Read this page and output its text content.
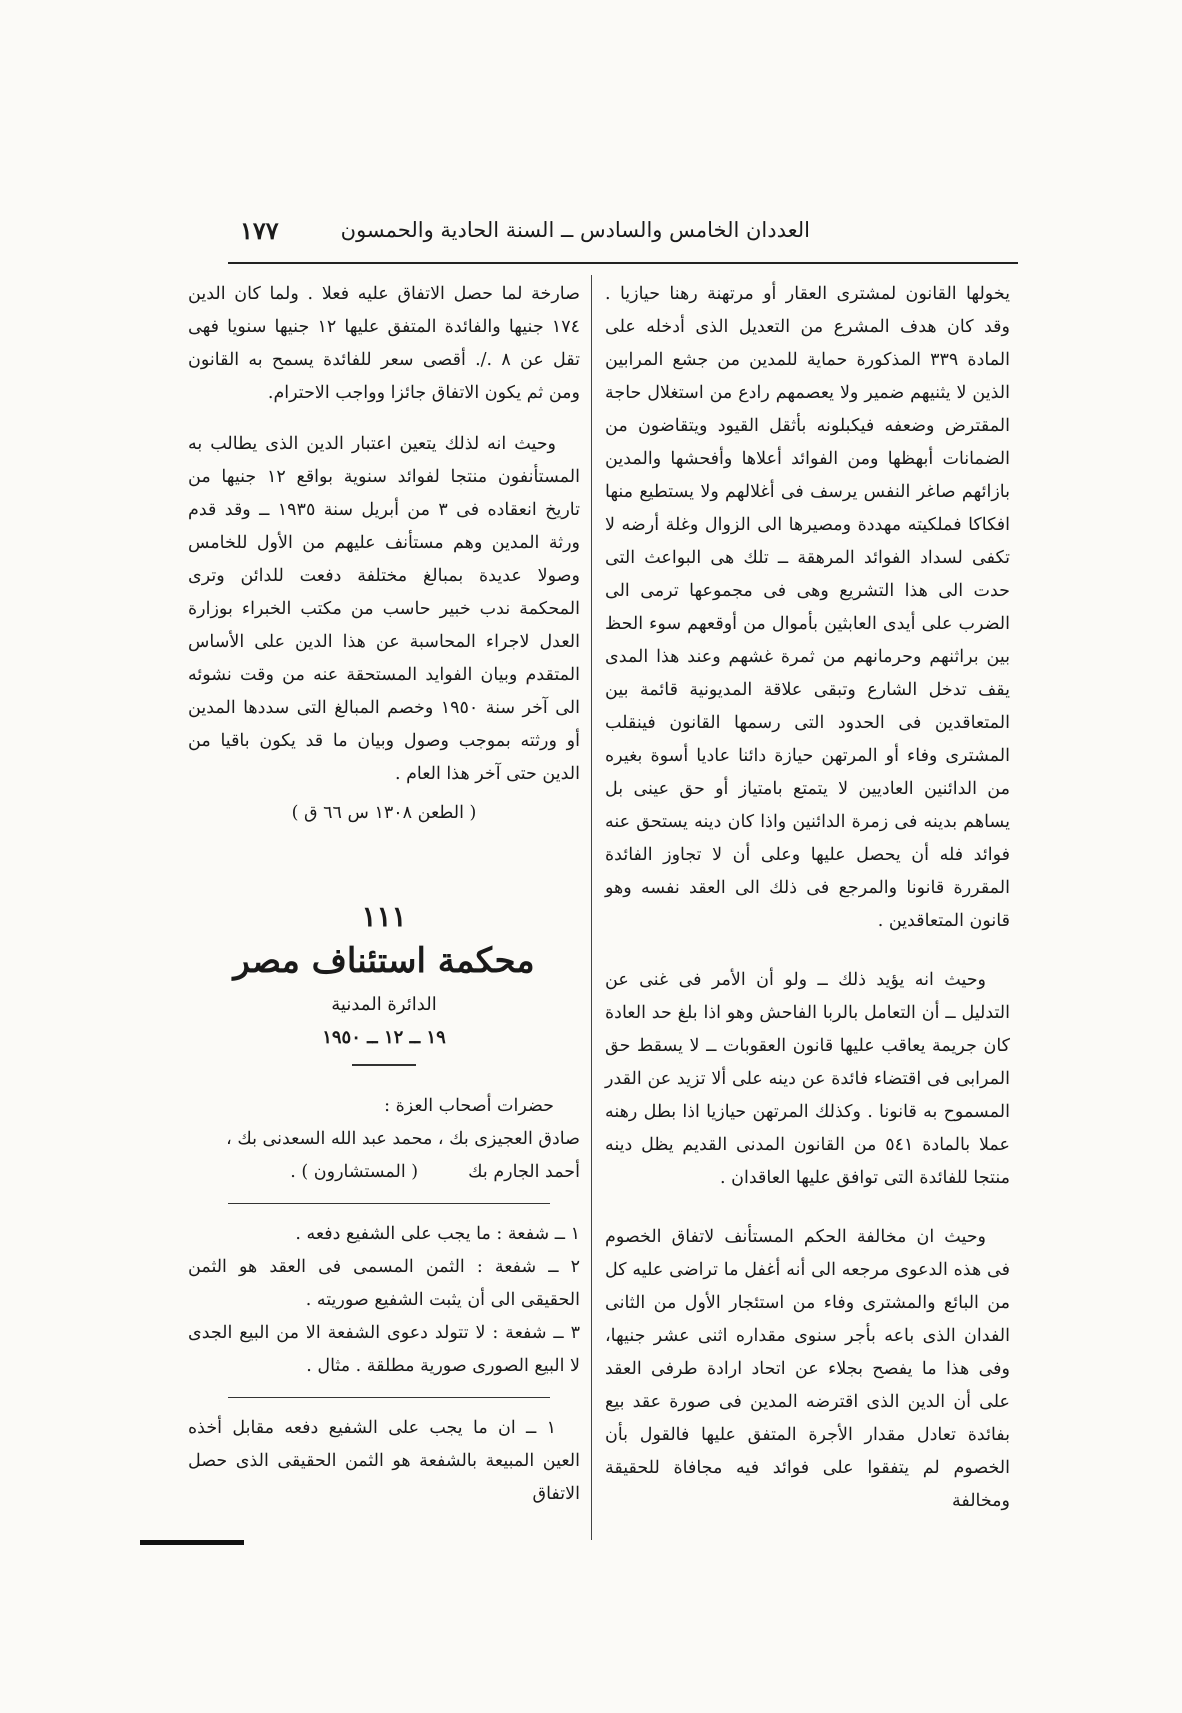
العددان الخامس والسادس ــ السنة الحادية والحمسون
١٧٧

يخولها القانون لمشترى العقار أو مرتهنة رهنا حيازيا . وقد كان هدف المشرع من التعديل الذى أدخله على المادة ٣٣٩ المذكورة حماية للمدين من جشع المرابين الذين لا يثنيهم ضمير ولا يعصمهم رادع من استغلال حاجة المقترض وضعفه فيكبلونه بأثقل القيود ويتقاضون من الضمانات أبهظها ومن الفوائد أعلاها وأفحشها والمدين بازائهم صاغر النفس يرسف فى أغلالهم ولا يستطيع منها افكاكا فملكيته مهددة ومصيرها الى الزوال وغلة أرضه لا تكفى لسداد الفوائد المرهقة ــ تلك هى البواعث التى حدت الى هذا التشريع وهى فى مجموعها ترمى الى الضرب على أيدى العابثين بأموال من أوقعهم سوء الحظ بين براثنهم وحرمانهم من ثمرة غشهم وعند هذا المدى يقف تدخل الشارع وتبقى علاقة المديونية قائمة بين المتعاقدين فى الحدود التى رسمها القانون فينقلب المشترى وفاء أو المرتهن حيازة دائنا عاديا أسوة بغيره من الدائنين العاديين لا يتمتع بامتياز أو حق عينى بل يساهم بدينه فى زمرة الدائنين واذا كان دينه يستحق عنه فوائد فله أن يحصل عليها وعلى أن لا تجاوز الفائدة المقررة قانونا والمرجع فى ذلك الى العقد نفسه وهو قانون المتعاقدين .

وحيث انه يؤيد ذلك ــ ولو أن الأمر فى غنى عن التدليل ــ أن التعامل بالربا الفاحش وهو اذا بلغ حد العادة كان جريمة يعاقب عليها قانون العقوبات ــ لا يسقط حق المرابى فى اقتضاء فائدة عن دينه على ألا تزيد عن القدر المسموح به قانونا . وكذلك المرتهن حيازيا اذا بطل رهنه عملا بالمادة ٥٤١ من القانون المدنى القديم يظل دينه منتجا للفائدة التى توافق عليها العاقدان .

وحيث ان مخالفة الحكم المستأنف لاتفاق الخصوم فى هذه الدعوى مرجعه الى أنه أغفل ما تراضى عليه كل من البائع والمشترى وفاء من استئجار الأول من الثانى الفدان الذى باعه بأجر سنوى مقداره اثنى عشر جنيها، وفى هذا ما يفصح بجلاء عن اتحاد ارادة طرفى العقد على أن الدين الذى اقترضه المدين فى صورة عقد بيع بفائدة تعادل مقدار الأجرة المتفق عليها فالقول بأن الخصوم لم يتفقوا على فوائد فيه مجافاة للحقيقة ومخالفة

صارخة لما حصل الاتفاق عليه فعلا . ولما كان الدين ١٧٤ جنيها والفائدة المتفق عليها ١٢ جنيها سنويا فهى تقل عن ٨ ./. أقصى سعر للفائدة يسمح به القانون ومن ثم يكون الاتفاق جائزا وواجب الاحترام.

وحيث انه لذلك يتعين اعتبار الدين الذى يطالب به المستأنفون منتجا لفوائد سنوية بواقع ١٢ جنيها من تاريخ انعقاده فى ٣ من أبريل سنة ١٩٣٥ ــ وقد قدم ورثة المدين وهم مستأنف عليهم من الأول للخامس وصولا عديدة بمبالغ مختلفة دفعت للدائن وترى المحكمة ندب خبير حاسب من مكتب الخبراء بوزارة العدل لاجراء المحاسبة عن هذا الدين على الأساس المتقدم وبيان الفوايد المستحقة عنه من وقت نشوئه الى آخر سنة ١٩٥٠ وخصم المبالغ التى سددها المدين أو ورثته بموجب وصول وبيان ما قد يكون باقيا من الدين حتى آخر هذا العام .

( الطعن ١٣٠٨ س ٦٦ ق )
١١١
محكمة استئناف مصر
الدائرة المدنية
١٩ ــ ١٢ ــ ١٩٥٠

حضرات أصحاب العزة :

صادق العجيزى بك ، محمد عبد الله السعدنى بك ،

أحمد الجارم بك         ( المستشارون ) .

١ ــ شفعة : ما يجب على الشفيع دفعه .

٢ ــ شفعة : الثمن المسمى فى العقد هو الثمن الحقيقى الى أن يثبت الشفيع صوريته .

٣ ــ شفعة : لا تتولد دعوى الشفعة الا من البيع الجدى لا البيع الصورى صورية مطلقة . مثال .

١ ــ ان ما يجب على الشفيع دفعه مقابل أخذه العين المبيعة بالشفعة هو الثمن الحقيقى الذى حصل الاتفاق
